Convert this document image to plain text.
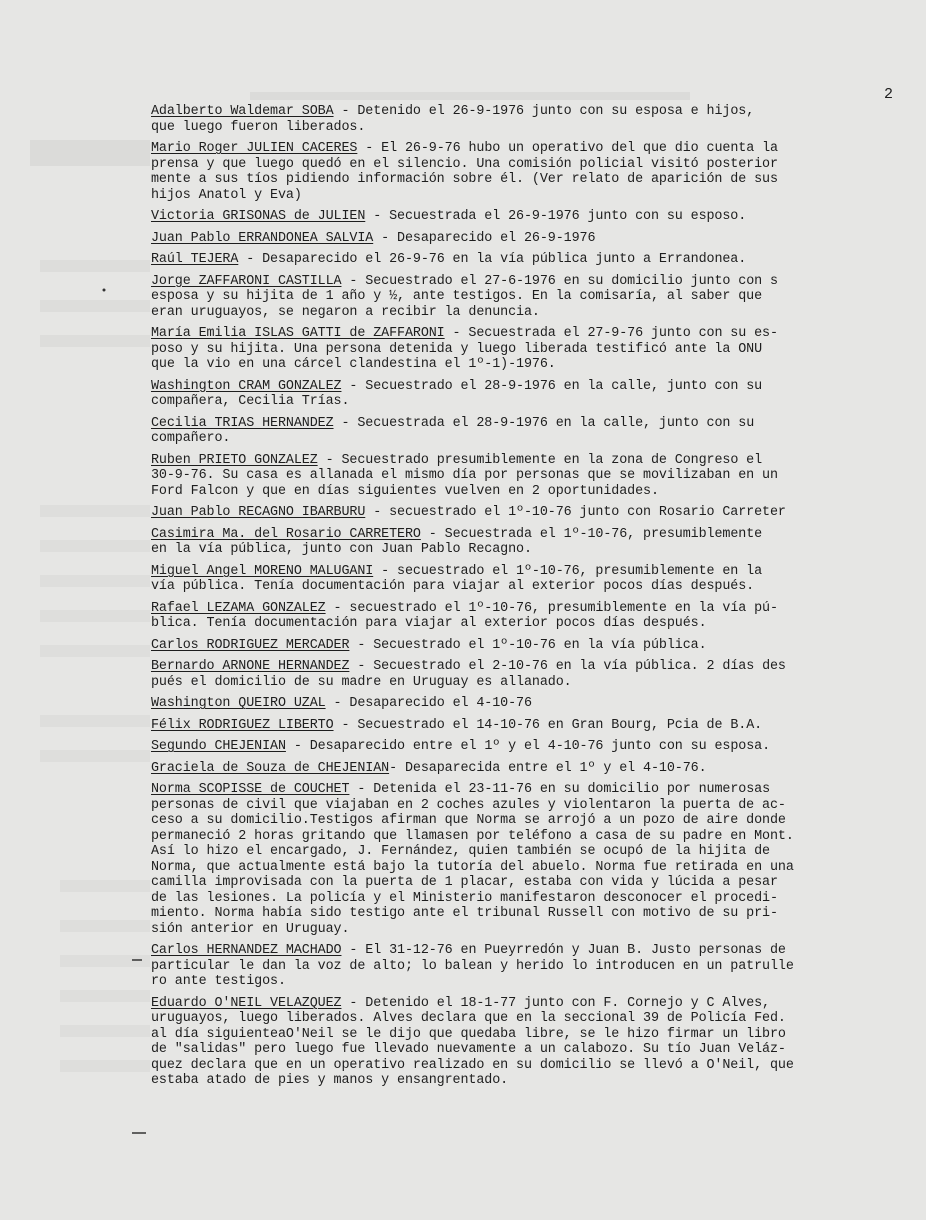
2

Adalberto Waldemar SOBA - Detenido el 26-9-1976 junto con su esposa e hijos,
que luego fueron liberados.

Mario Roger JULIEN CACERES - El 26-9-76 hubo un operativo del que dio cuenta la
prensa y que luego quedó en el silencio. Una comisión policial visitó posterior
mente a sus tíos pidiendo información sobre él. (Ver relato de aparición de sus
hijos Anatol y Eva)

Victoria GRISONAS de JULIEN - Secuestrada el 26-9-1976 junto con su esposo.

Juan Pablo ERRANDONEA SALVIA - Desaparecido el 26-9-1976

Raúl TEJERA - Desaparecido el 26-9-76 en la vía pública junto a Errandonea.

Jorge ZAFFARONI CASTILLA - Secuestrado el 27-6-1976 en su domicilio junto con s
esposa y su hijita de 1 año y ½, ante testigos. En la comisaría, al saber que
eran uruguayos, se negaron a recibir la denuncia.

María Emilia ISLAS GATTI de ZAFFARONI - Secuestrada el 27-9-76 junto con su es-
poso y su hijita. Una persona detenida y luego liberada testificó ante la ONU
que la vio en una cárcel clandestina el 1º-1)-1976.

Washington CRAM GONZALEZ - Secuestrado el 28-9-1976 en la calle, junto con su
compañera, Cecilia Trías.

Cecilia TRIAS HERNANDEZ - Secuestrada el 28-9-1976 en la calle, junto con su
compañero.

Ruben PRIETO GONZALEZ - Secuestrado presumiblemente en la zona de Congreso el
30-9-76. Su casa es allanada el mismo día por personas que se movilizaban en un
Ford Falcon y que en días siguientes vuelven en 2 oportunidades.

Juan Pablo RECAGNO IBARBURU - secuestrado el 1º-10-76 junto con Rosario Carreter

Casimira Ma. del Rosario CARRETERO - Secuestrada el 1º-10-76, presumiblemente
en la vía pública, junto con Juan Pablo Recagno.

Miguel Angel MORENO MALUGANI - secuestrado el 1º-10-76, presumiblemente en la
vía pública. Tenía documentación para viajar al exterior pocos días después.

Rafael LEZAMA GONZALEZ - secuestrado el 1º-10-76, presumiblemente en la vía pú-
blica. Tenía documentación para viajar al exterior pocos días después.

Carlos RODRIGUEZ MERCADER - Secuestrado el 1º-10-76 en la vía pública.

Bernardo ARNONE HERNANDEZ - Secuestrado el 2-10-76 en la vía pública. 2 días des
pués el domicilio de su madre en Uruguay es allanado.

Washington QUEIRO UZAL - Desaparecido el 4-10-76

Félix RODRIGUEZ LIBERTO - Secuestrado el 14-10-76 en Gran Bourg, Pcia de B.A.

Segundo CHEJENIAN - Desaparecido entre el 1º y el 4-10-76 junto con su esposa.

Graciela de Souza de CHEJENIAN- Desaparecida entre el 1º y el 4-10-76.

Norma SCOPISSE de COUCHET - Detenida el 23-11-76 en su domicilio por numerosas
personas de civil que viajaban en 2 coches azules y violentaron la puerta de ac-
ceso a su domicilio.Testigos afirman que Norma se arrojó a un pozo de aire donde
permaneció 2 horas gritando que llamasen por teléfono a casa de su padre en Mont.
Así lo hizo el encargado, J. Fernández, quien también se ocupó de la hijita de
Norma, que actualmente está bajo la tutoría del abuelo. Norma fue retirada en una
camilla improvisada con la puerta de 1 placar, estaba con vida y lúcida a pesar
de las lesiones. La policía y el Ministerio manifestaron desconocer el procedi-
miento. Norma había sido testigo ante el tribunal Russell con motivo de su pri-
sión anterior en Uruguay.

Carlos HERNANDEZ MACHADO - El 31-12-76 en Pueyrredón y Juan B. Justo personas de
particular le dan la voz de alto; lo balean y herido lo introducen en un patrulle
ro ante testigos.

Eduardo O'NEIL VELAZQUEZ - Detenido el 18-1-77 junto con F. Cornejo y C Alves,
uruguayos, luego liberados. Alves declara que en la seccional 39 de Policía Fed.
al día siguienteaO'Neil se le dijo que quedaba libre, se le hizo firmar un libro
de "salidas" pero luego fue llevado nuevamente a un calabozo. Su tío Juan Veláz-
quez declara que en un operativo realizado en su domicilio se llevó a O'Neil, que
estaba atado de pies y manos y ensangrentado.
